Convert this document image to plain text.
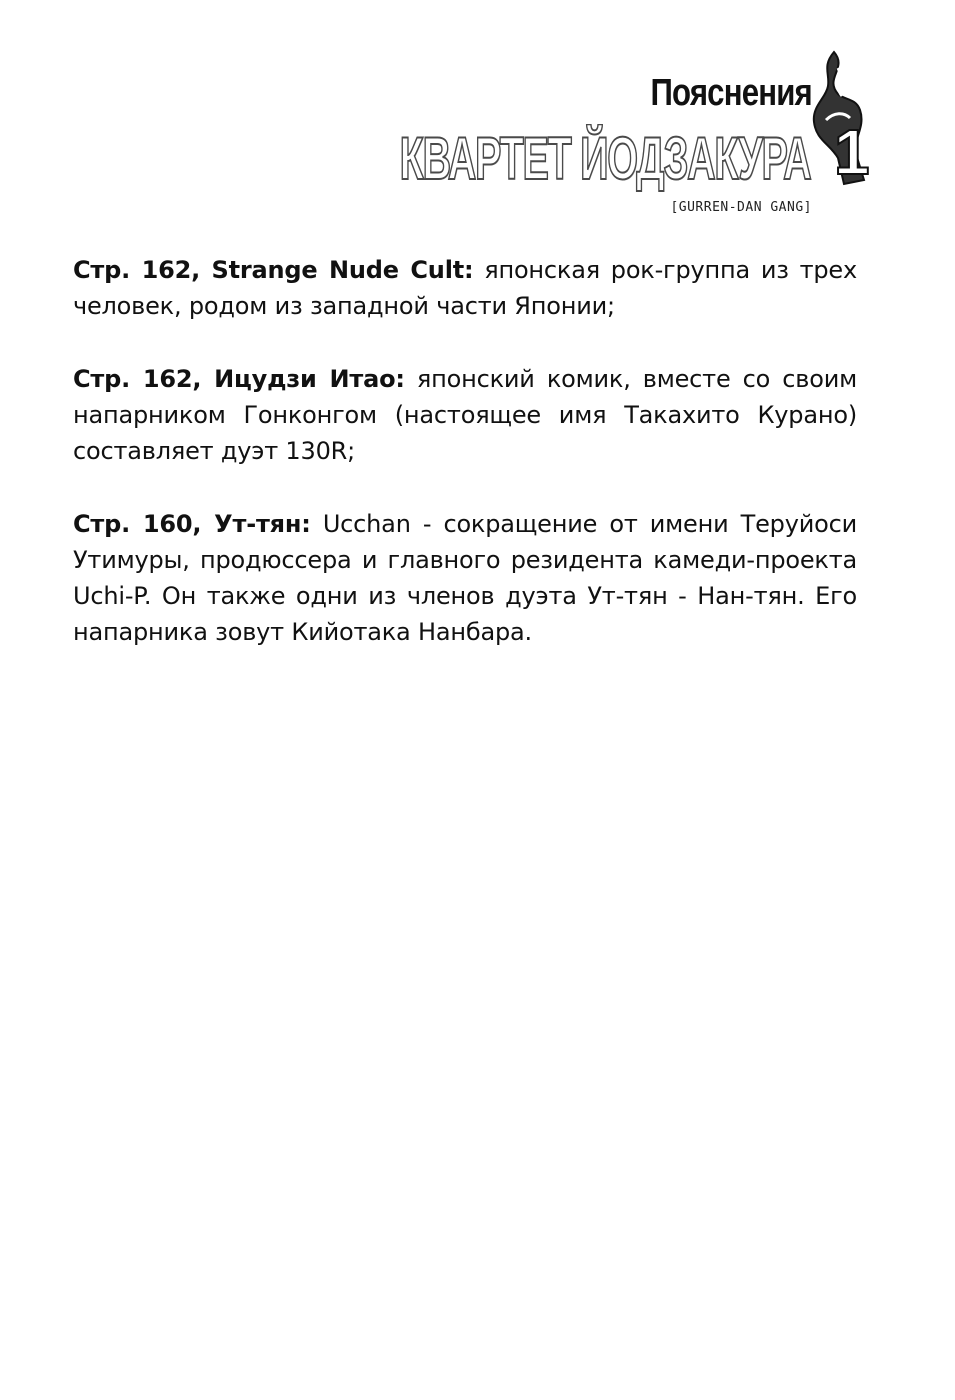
Пояснения
КВАРТЕТ ЙОДЗАКУРА 1
[GURREN-DAN GANG]

Стр. 162, Strange Nude Cult: японская рок-группа из трех человек, родом из западной части Японии;

Стр. 162, Ицудзи Итао: японский комик, вместе со своим напарником Гонконгом (настоящее имя Такахито Курано) составляет дуэт 130R;

Стр. 160, Ут-тян: Ucchan - сокращение от имени Теруйоси Утимуры, продюссера и главного резидента камеди-проекта Uchi-P. Он также одни из членов дуэта Ут-тян - Нан-тян. Его напарника зовут Кийотака Нанбара.
